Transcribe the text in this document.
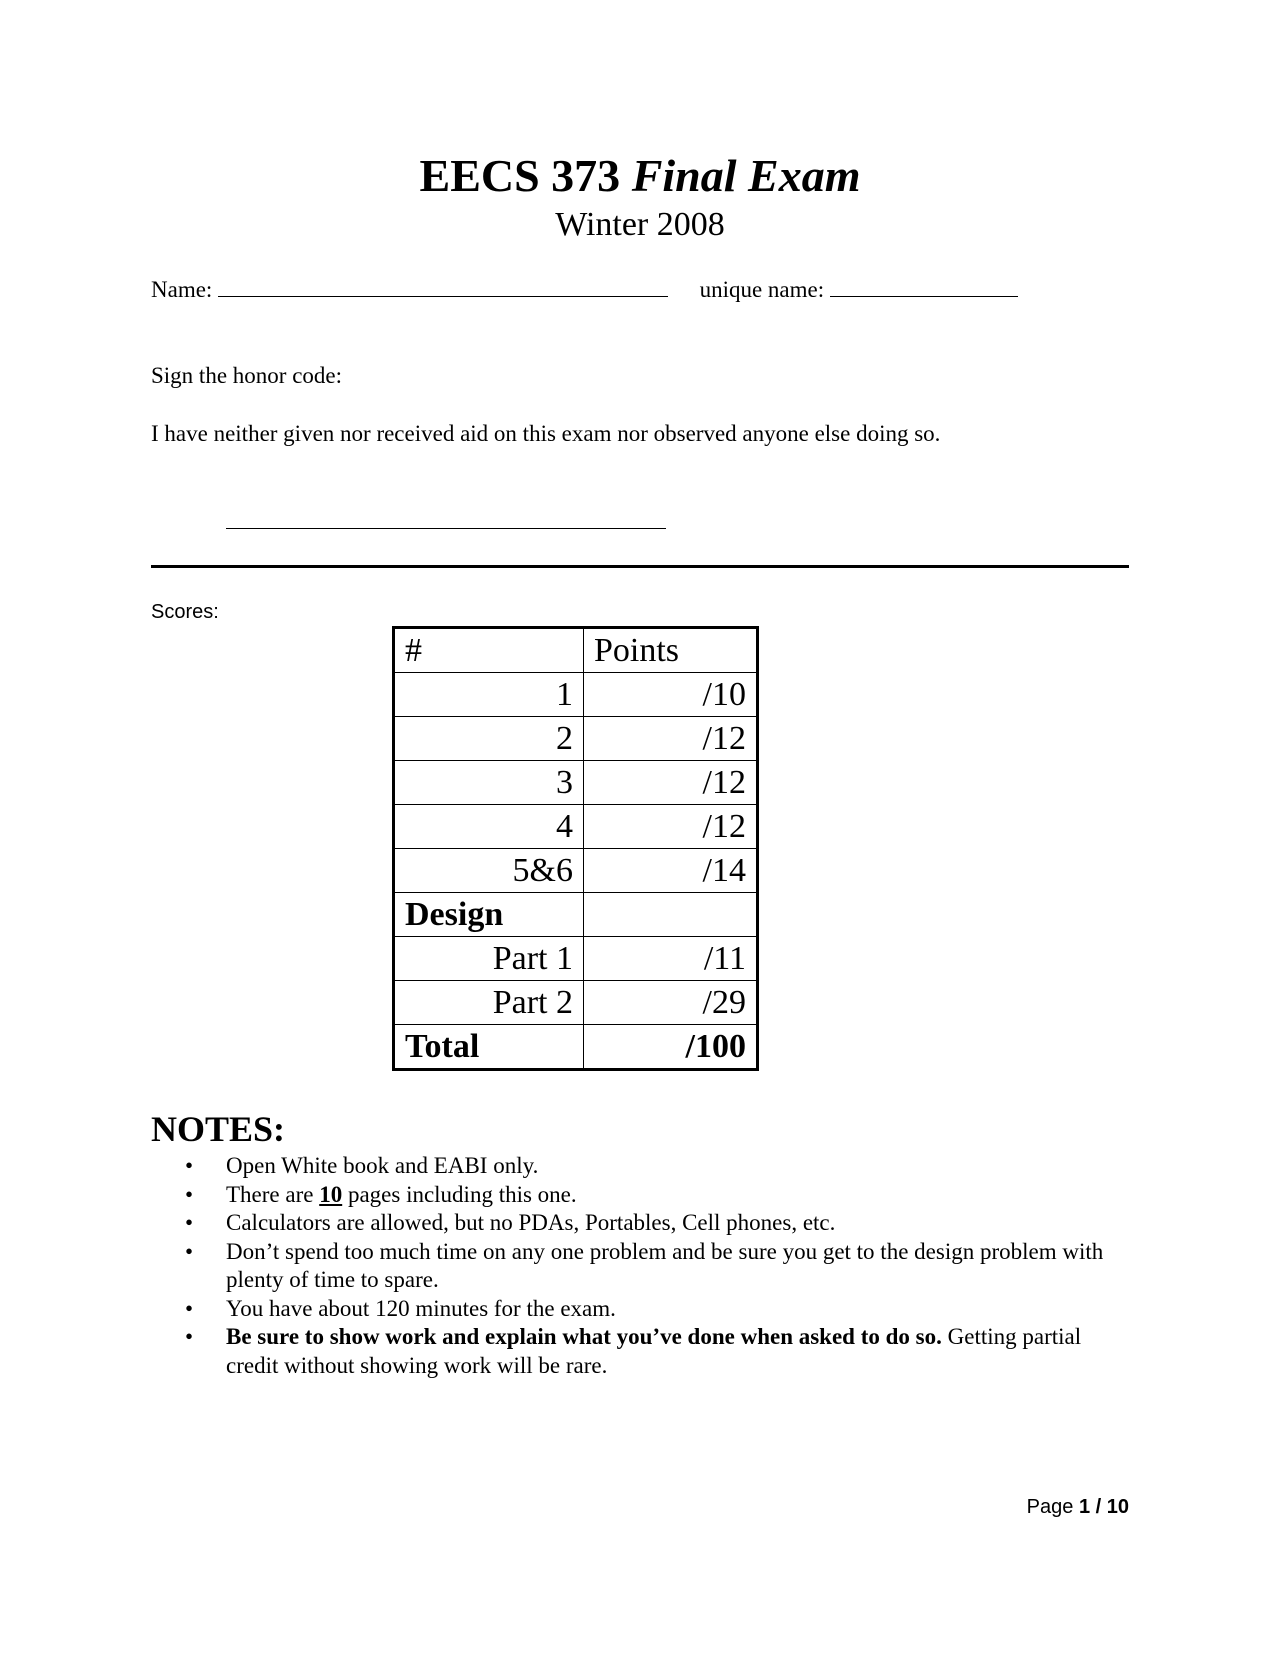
EECS 373 Final Exam
Winter 2008
Name:	unique name:
Sign the honor code:
I have neither given nor received aid on this exam nor observed anyone else doing so.
Scores:
#	Points
1	/10
2	/12
3	/12
4	/12
5&6	/14
Design	
Part 1	/11
Part 2	/29
Total	/100
NOTES:
• Open White book and EABI only.
• There are 10 pages including this one.
• Calculators are allowed, but no PDAs, Portables, Cell phones, etc.
• Don’t spend too much time on any one problem and be sure you get to the design problem with plenty of time to spare.
• You have about 120 minutes for the exam.
• Be sure to show work and explain what you’ve done when asked to do so. Getting partial credit without showing work will be rare.
Page 1 / 10
